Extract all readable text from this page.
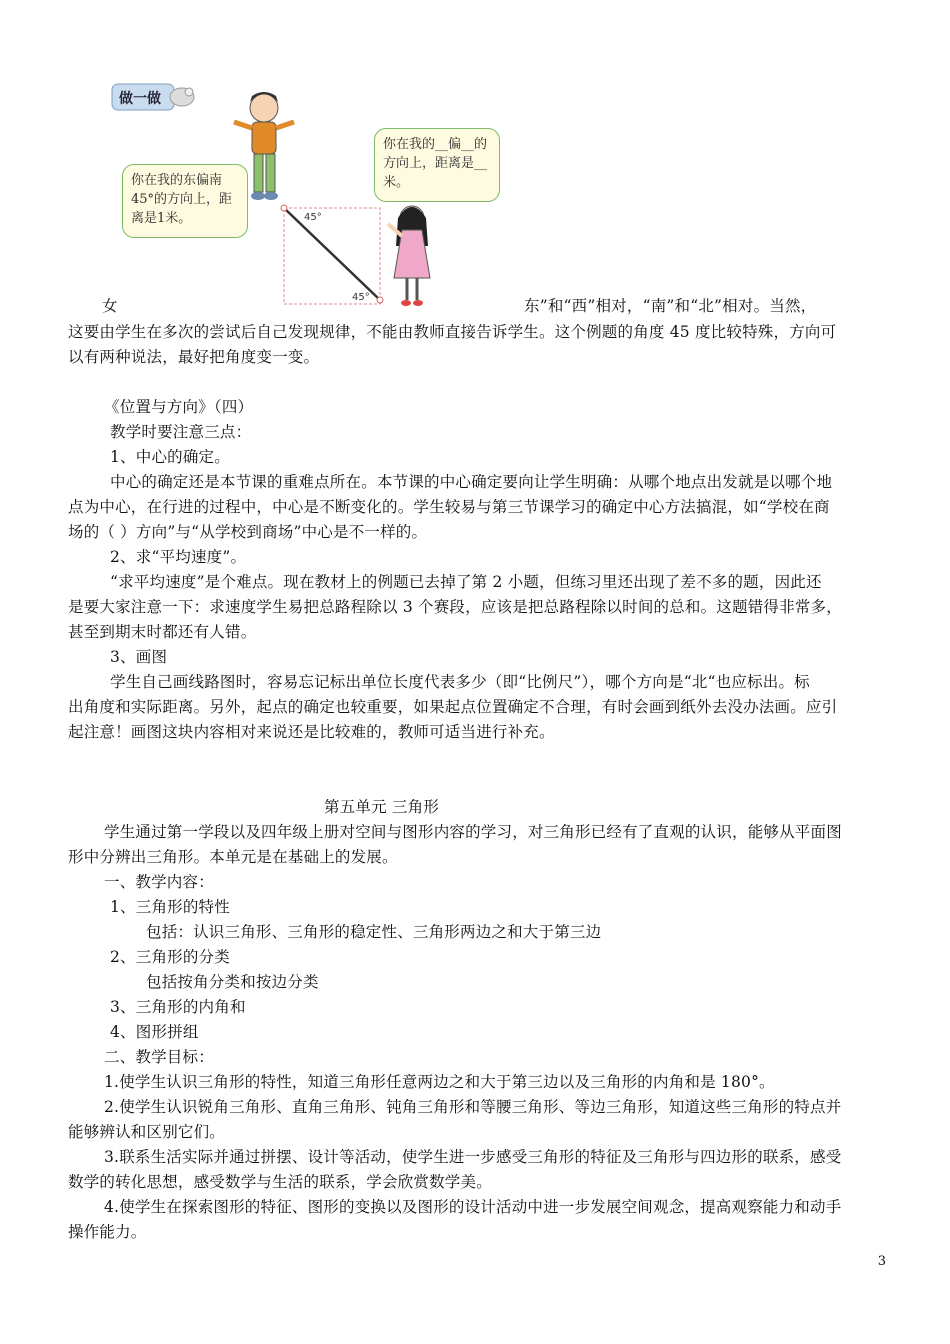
做一做
45°
45°
你在我的东偏南45°的方向上，距离是1米。
你在我的__偏__的方向上，距离是__米。
女	东”和“西”相对，“南”和“北”相对。当然，
这要由学生在多次的尝试后自己发现规律，不能由教师直接告诉学生。这个例题的角度 45 度比较特殊，方向可
以有两种说法，最好把角度变一变。
《位置与方向》（四）
教学时要注意三点：
1、中心的确定。
中心的确定还是本节课的重难点所在。本节课的中心确定要向让学生明确：从哪个地点出发就是以哪个地
点为中心，在行进的过程中，中心是不断变化的。学生较易与第三节课学习的确定中心方法搞混，如“学校在商
场的（ ）方向”与“从学校到商场”中心是不一样的。
2、求“平均速度”。
“求平均速度”是个难点。现在教材上的例题已去掉了第 2 小题，但练习里还出现了差不多的题，因此还
是要大家注意一下：求速度学生易把总路程除以 3 个赛段，应该是把总路程除以时间的总和。这题错得非常多，
甚至到期末时都还有人错。
3、画图
学生自己画线路图时，容易忘记标出单位长度代表多少（即“比例尺”），哪个方向是“北“也应标出。标
出角度和实际距离。另外，起点的确定也较重要，如果起点位置确定不合理，有时会画到纸外去没办法画。应引
起注意！画图这块内容相对来说还是比较难的，教师可适当进行补充。
第五单元 三角形
学生通过第一学段以及四年级上册对空间与图形内容的学习，对三角形已经有了直观的认识，能够从平面图
形中分辨出三角形。本单元是在基础上的发展。
一、教学内容：
1、三角形的特性
包括：认识三角形、三角形的稳定性、三角形两边之和大于第三边
2、三角形的分类
包括按角分类和按边分类
3、三角形的内角和
4、图形拼组
二、教学目标：
1.使学生认识三角形的特性，知道三角形任意两边之和大于第三边以及三角形的内角和是 180°。
2.使学生认识锐角三角形、直角三角形、钝角三角形和等腰三角形、等边三角形，知道这些三角形的特点并
能够辨认和区别它们。
3.联系生活实际并通过拼摆、设计等活动，使学生进一步感受三角形的特征及三角形与四边形的联系，感受
数学的转化思想，感受数学与生活的联系，学会欣赏数学美。
4.使学生在探索图形的特征、图形的变换以及图形的设计活动中进一步发展空间观念，提高观察能力和动手
操作能力。
3
